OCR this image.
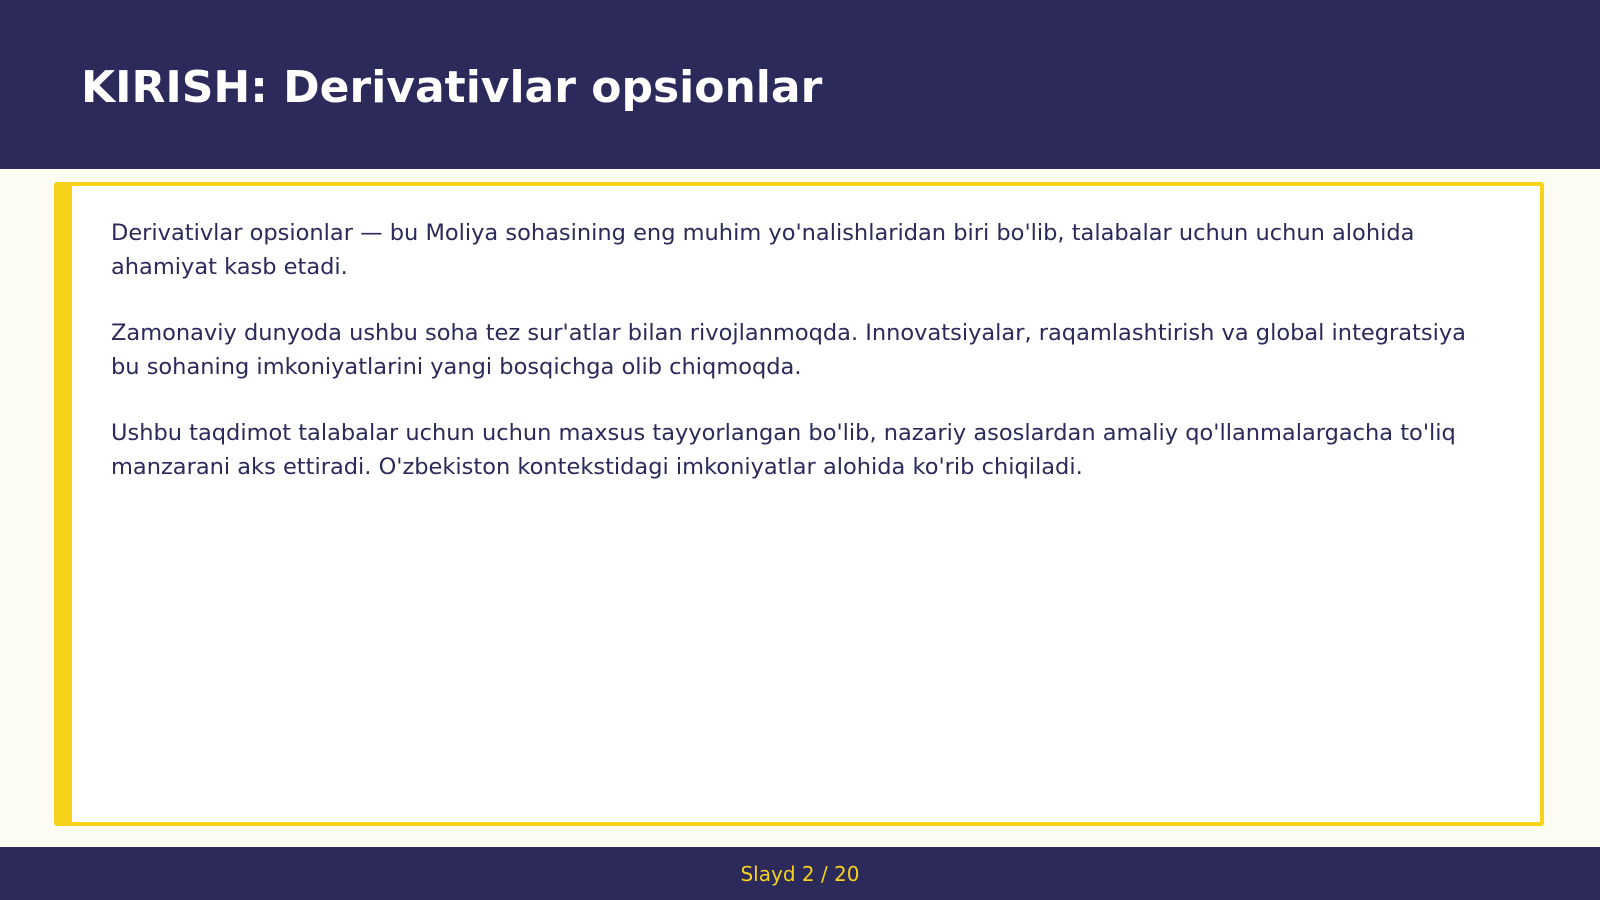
KIRISH: Derivativlar opsionlar

Derivativlar opsionlar — bu Moliya sohasining eng muhim yo'nalishlaridan biri bo'lib, talabalar uchun uchun alohida ahamiyat kasb etadi.

Zamonaviy dunyoda ushbu soha tez sur'atlar bilan rivojlanmoqda. Innovatsiyalar, raqamlashtirish va global integratsiya bu sohaning imkoniyatlarini yangi bosqichga olib chiqmoqda.

Ushbu taqdimot talabalar uchun uchun maxsus tayyorlangan bo'lib, nazariy asoslardan amaliy qo'llanmalargacha to'liq manzarani aks ettiradi. O'zbekiston kontekstidagi imkoniyatlar alohida ko'rib chiqiladi.

Slayd 2 / 20
